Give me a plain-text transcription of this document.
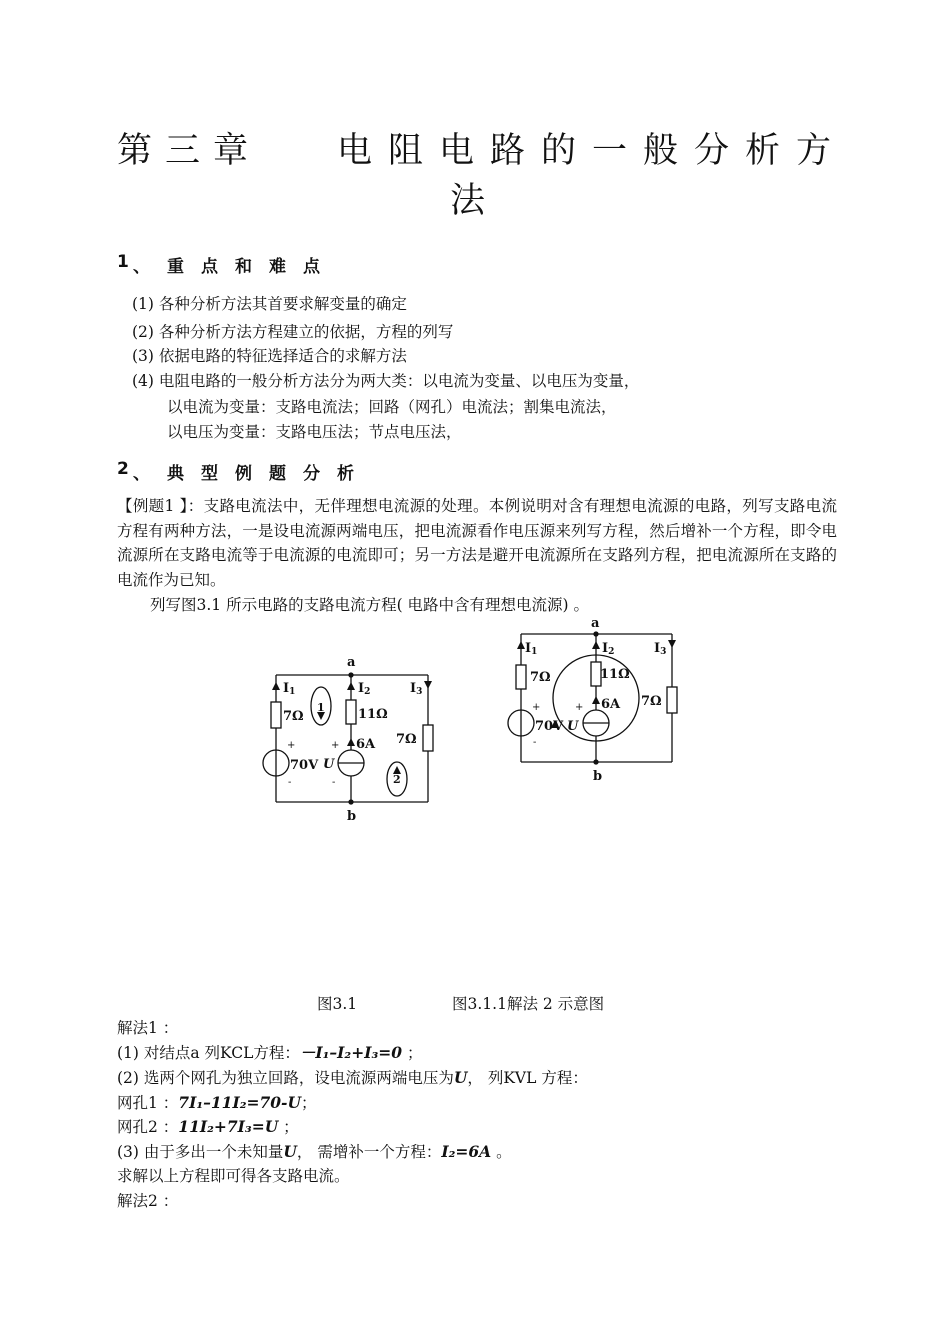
第 三 章	电 阻 电 路 的 一 般 分 析 方
法
1 、 重 点 和 难 点
(1) 各种分析方法其首要求解变量的确定
(2) 各种分析方法方程建立的依据，方程的列写
(3) 依据电路的特征选择适合的求解方法
(4) 电阻电路的一般分析方法分为两大类：以电流为变量、以电压为变量，
以电流为变量：支路电流法；回路（网孔）电流法；割集电流法，
以电压为变量：支路电压法；节点电压法，
2 、 典 型 例 题 分 析
【例题1 】：支路电流法中，无伴理想电流源的处理。本例说明对含有理想电流源的电路，列写支路电流方程有两种方法，一是设电流源两端电压，把电流源看作电压源来列写方程，然后增补一个方程，即令电流源所在支路电流等于电流源的电流即可；另一方法是避开电流源所在支路列方程，把电流源所在支路的电流作为已知。
列写图3.1 所示电路的支路电流方程( 电路中含有理想电流源) 。
a
b
I1	I2	I3
7Ω	11Ω
7Ω
70V U
6A
1
2
+
-
+
-
a
b
I1	I2	I3
7Ω	11Ω
7Ω
70V U
6A
+
-
+
图3.1	图3.1.1解法 2 示意图
解法1 ：
(1) 对结点a 列KCL方程：－I₁–I₂+I₃=0 ；
(2) 选两个网孔为独立回路，设电流源两端电压为U， 列KVL 方程：
网孔1 ：7I₁–11I₂=70-U；
网孔2 ：11I₂+7I₃=U ；
(3) 由于多出一个未知量U， 需增补一个方程：I₂=6A 。
求解以上方程即可得各支路电流。
解法2 ：
